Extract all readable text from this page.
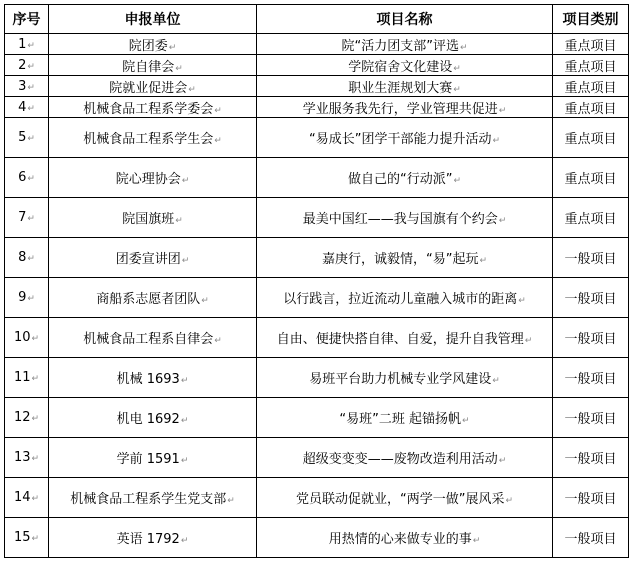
序号	申报单位	项目名称	项目类别
1↵	院团委↵	院“活力团支部”评选↵	重点项目
2↵	院自律会↵	学院宿舍文化建设↵	重点项目
3↵	院就业促进会↵	职业生涯规划大赛↵	重点项目
4↵	机械食品工程系学委会↵	学业服务我先行，学业管理共促进↵	重点项目
5↵	机械食品工程系学生会↵	“易成长”团学干部能力提升活动↵	重点项目
6↵	院心理协会↵	做自己的“行动派”↵	重点项目
7↵	院国旗班↵	最美中国红——我与国旗有个约会↵	重点项目
8↵	团委宣讲团↵	嘉庚行，诚毅情，“易”起玩↵	一般项目
9↵	商船系志愿者团队↵	以行践言，拉近流动儿童融入城市的距离↵	一般项目
10↵	机械食品工程系自律会↵	自由、便捷快搭自律、自爱，提升自我管理↵	一般项目
11↵	机械 1693↵	易班平台助力机械专业学风建设↵	一般项目
12↵	机电 1692↵	“易班”二班 起锚扬帆↵	一般项目
13↵	学前 1591↵	超级变变变——废物改造利用活动↵	一般项目
14↵	机械食品工程系学生党支部↵	党员联动促就业，“两学一做”展风采↵	一般项目
15↵	英语 1792↵	用热情的心来做专业的事↵	一般项目
